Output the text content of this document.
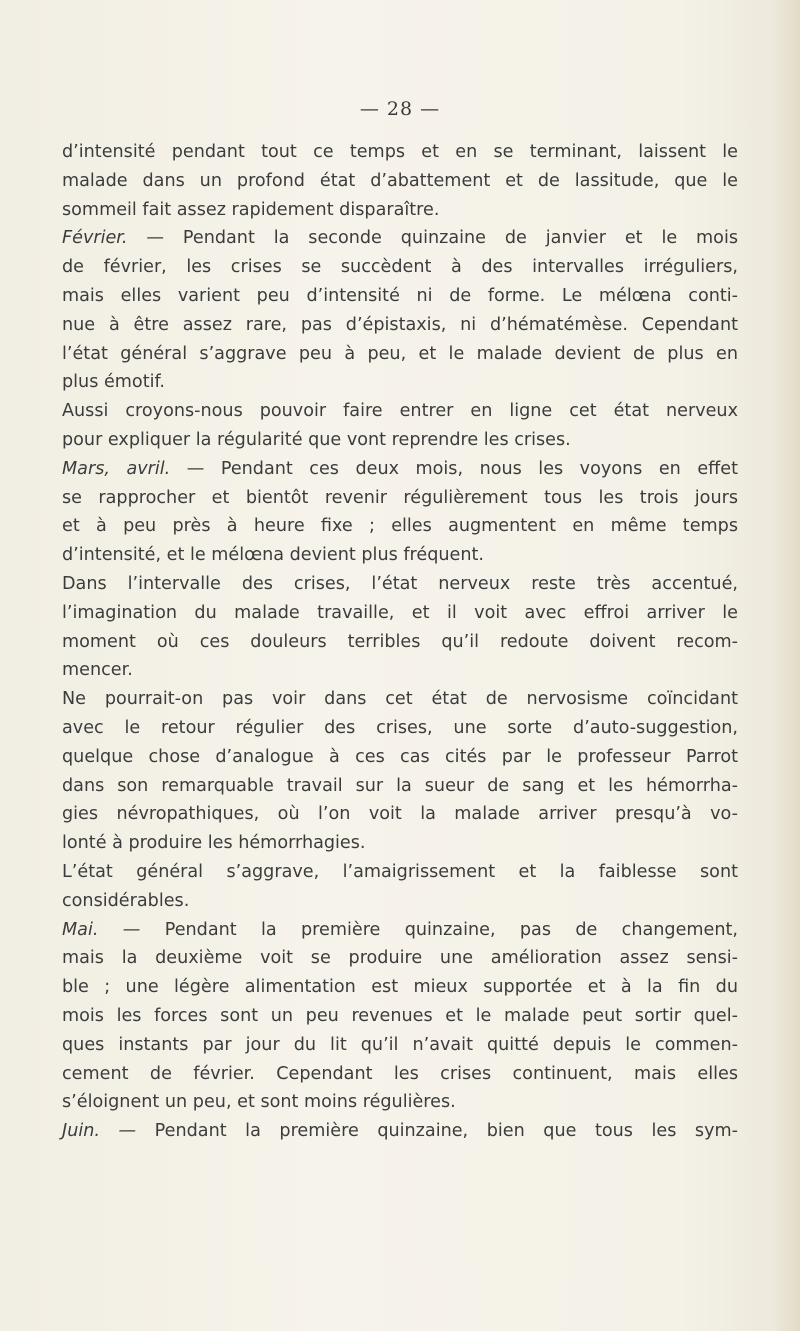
— 28 —
d’intensité pendant tout ce temps et en se terminant, laissent le
malade dans un profond état d’abattement et de lassitude, que le
sommeil fait assez rapidement disparaître.
Février. — Pendant la seconde quinzaine de janvier et le mois
de février, les crises se succèdent à des intervalles irréguliers,
mais elles varient peu d’intensité ni de forme. Le mélœna conti-
nue à être assez rare, pas d’épistaxis, ni d’hématémèse. Cependant
l’état général s’aggrave peu à peu, et le malade devient de plus en
plus émotif.
Aussi croyons-nous pouvoir faire entrer en ligne cet état nerveux
pour expliquer la régularité que vont reprendre les crises.
Mars, avril. — Pendant ces deux mois, nous les voyons en effet
se rapprocher et bientôt revenir régulièrement tous les trois jours
et à peu près à heure fixe ; elles augmentent en même temps
d’intensité, et le mélœna devient plus fréquent.
Dans l’intervalle des crises, l’état nerveux reste très accentué,
l’imagination du malade travaille, et il voit avec effroi arriver le
moment où ces douleurs terribles qu’il redoute doivent recom-
mencer.
Ne pourrait-on pas voir dans cet état de nervosisme coïncidant
avec le retour régulier des crises, une sorte d’auto-suggestion,
quelque chose d’analogue à ces cas cités par le professeur Parrot
dans son remarquable travail sur la sueur de sang et les hémorrha-
gies névropathiques, où l’on voit la malade arriver presqu’à vo-
lonté à produire les hémorrhagies.
L’état général s’aggrave, l’amaigrissement et la faiblesse sont
considérables.
Mai. — Pendant la première quinzaine, pas de changement,
mais la deuxième voit se produire une amélioration assez sensi-
ble ; une légère alimentation est mieux supportée et à la fin du
mois les forces sont un peu revenues et le malade peut sortir quel-
ques instants par jour du lit qu’il n’avait quitté depuis le commen-
cement de février. Cependant les crises continuent, mais elles
s’éloignent un peu, et sont moins régulières.
Juin. — Pendant la première quinzaine, bien que tous les sym-
